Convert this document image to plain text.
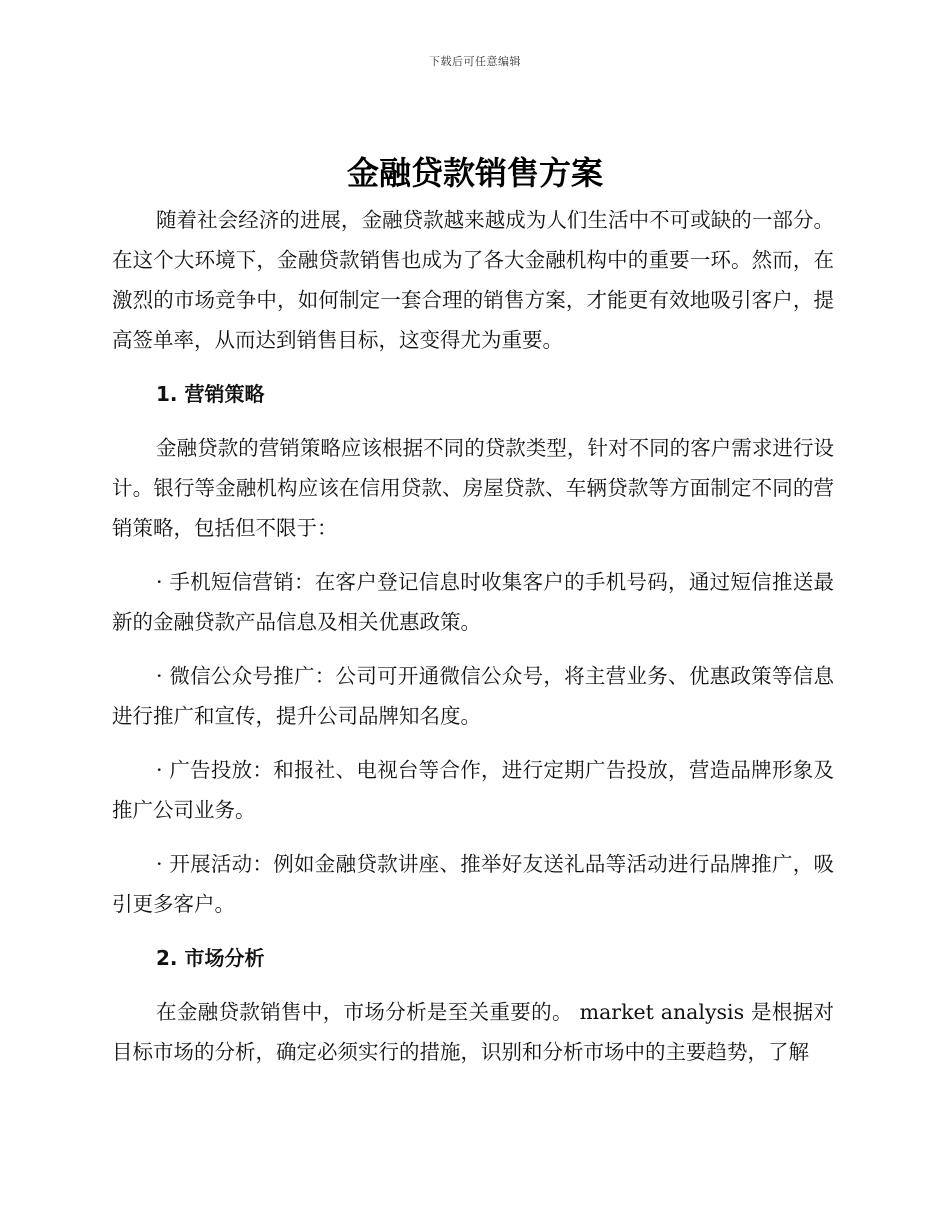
下载后可任意编辑
金融贷款销售方案

随着社会经济的进展，金融贷款越来越成为人们生活中不可或缺的一部分。在这个大环境下，金融贷款销售也成为了各大金融机构中的重要一环。然而，在激烈的市场竞争中，如何制定一套合理的销售方案，才能更有效地吸引客户，提高签单率，从而达到销售目标，这变得尤为重要。

1. 营销策略

金融贷款的营销策略应该根据不同的贷款类型，针对不同的客户需求进行设计。银行等金融机构应该在信用贷款、房屋贷款、车辆贷款等方面制定不同的营销策略，包括但不限于：

· 手机短信营销：在客户登记信息时收集客户的手机号码，通过短信推送最新的金融贷款产品信息及相关优惠政策。

· 微信公众号推广：公司可开通微信公众号，将主营业务、优惠政策等信息进行推广和宣传，提升公司品牌知名度。

· 广告投放：和报社、电视台等合作，进行定期广告投放，营造品牌形象及推广公司业务。

· 开展活动：例如金融贷款讲座、推举好友送礼品等活动进行品牌推广，吸引更多客户。

2. 市场分析

在金融贷款销售中，市场分析是至关重要的。 market analysis 是根据对目标市场的分析，确定必须实行的措施，识别和分析市场中的主要趋势，了解
